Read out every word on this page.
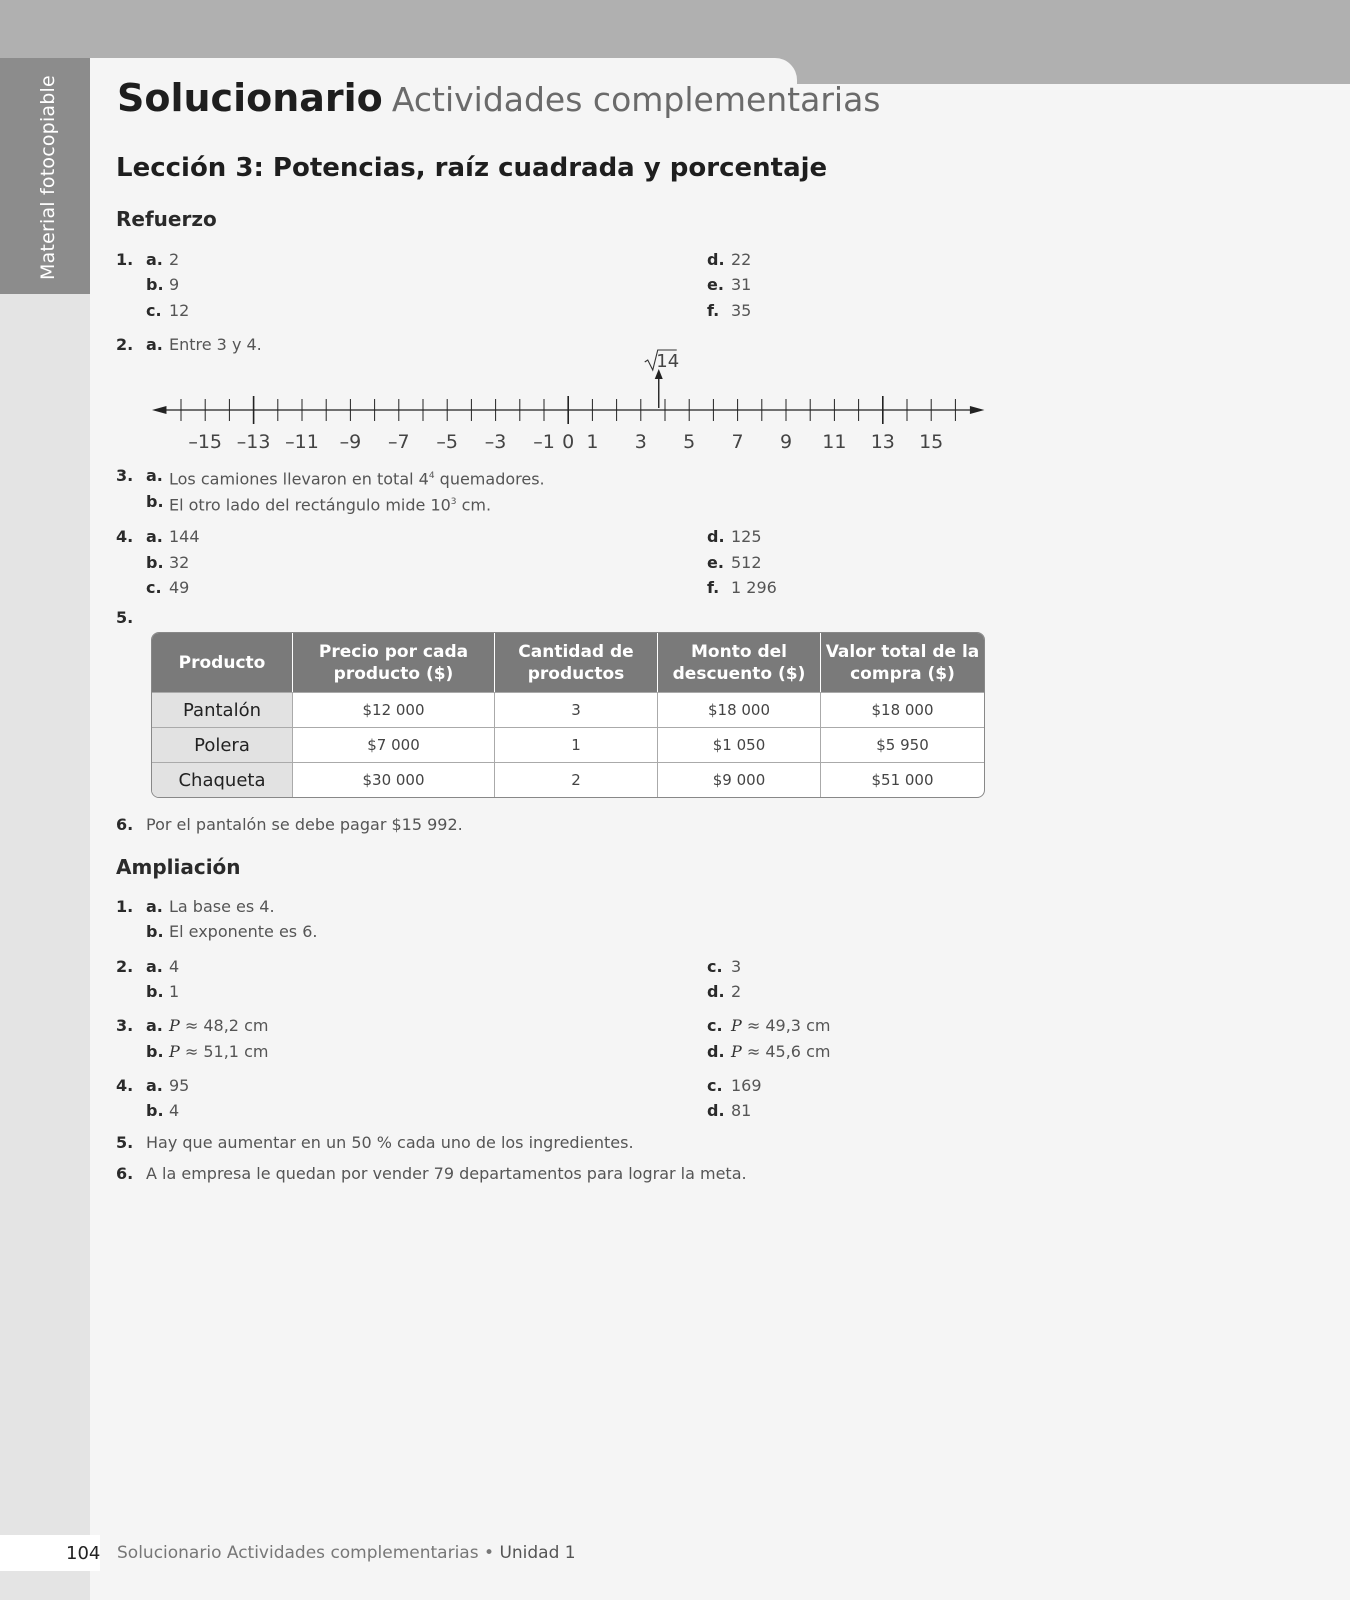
Material fotocopiable Solucionario Actividades complementarias
Lección 3: Potencias, raíz cuadrada y porcentaje
Refuerzo
1. a. 2
b. 9
c. 12
d. 22
e. 31
f. 35
2. a. Entre 3 y 4.
–15 –13 –11 –9 –7 –5 –3 –1 0 1 3 5 7 9 11 13 15
14
3. a. Los camiones llevaron en total $4^4$ quemadores.
b. El otro lado del rectángulo mide $10^3$ cm.
4. a. 144
b. 32
c. 49
d. 125
e. 512
f. 1 296
5.
Producto	Precio por cada producto ($)	Cantidad de productos	Monto del descuento ($)	Valor total de la compra ($)
Pantalón	$12 000	3	$18 000	$18 000
Polera	$7 000	1	$1 050	$5 950
Chaqueta	$30 000	2	$9 000	$51 000
6. Por el pantalón se debe pagar $15 992.
Ampliación
1. a. La base es 4.
b. El exponente es 6.
2. a. 4
b. 1
c. 3
d. 2
3. a. P ≈ 48,2 cm
b. P ≈ 51,1 cm
c. P ≈ 49,3 cm
d. P ≈ 45,6 cm
4. a. 95
b. 4
c. 169
d. 81
5. Hay que aumentar en un 50 % cada uno de los ingredientes.
6. A la empresa le quedan por vender 79 departamentos para lograr la meta.
104 Solucionario Actividades complementarias • Unidad 1
